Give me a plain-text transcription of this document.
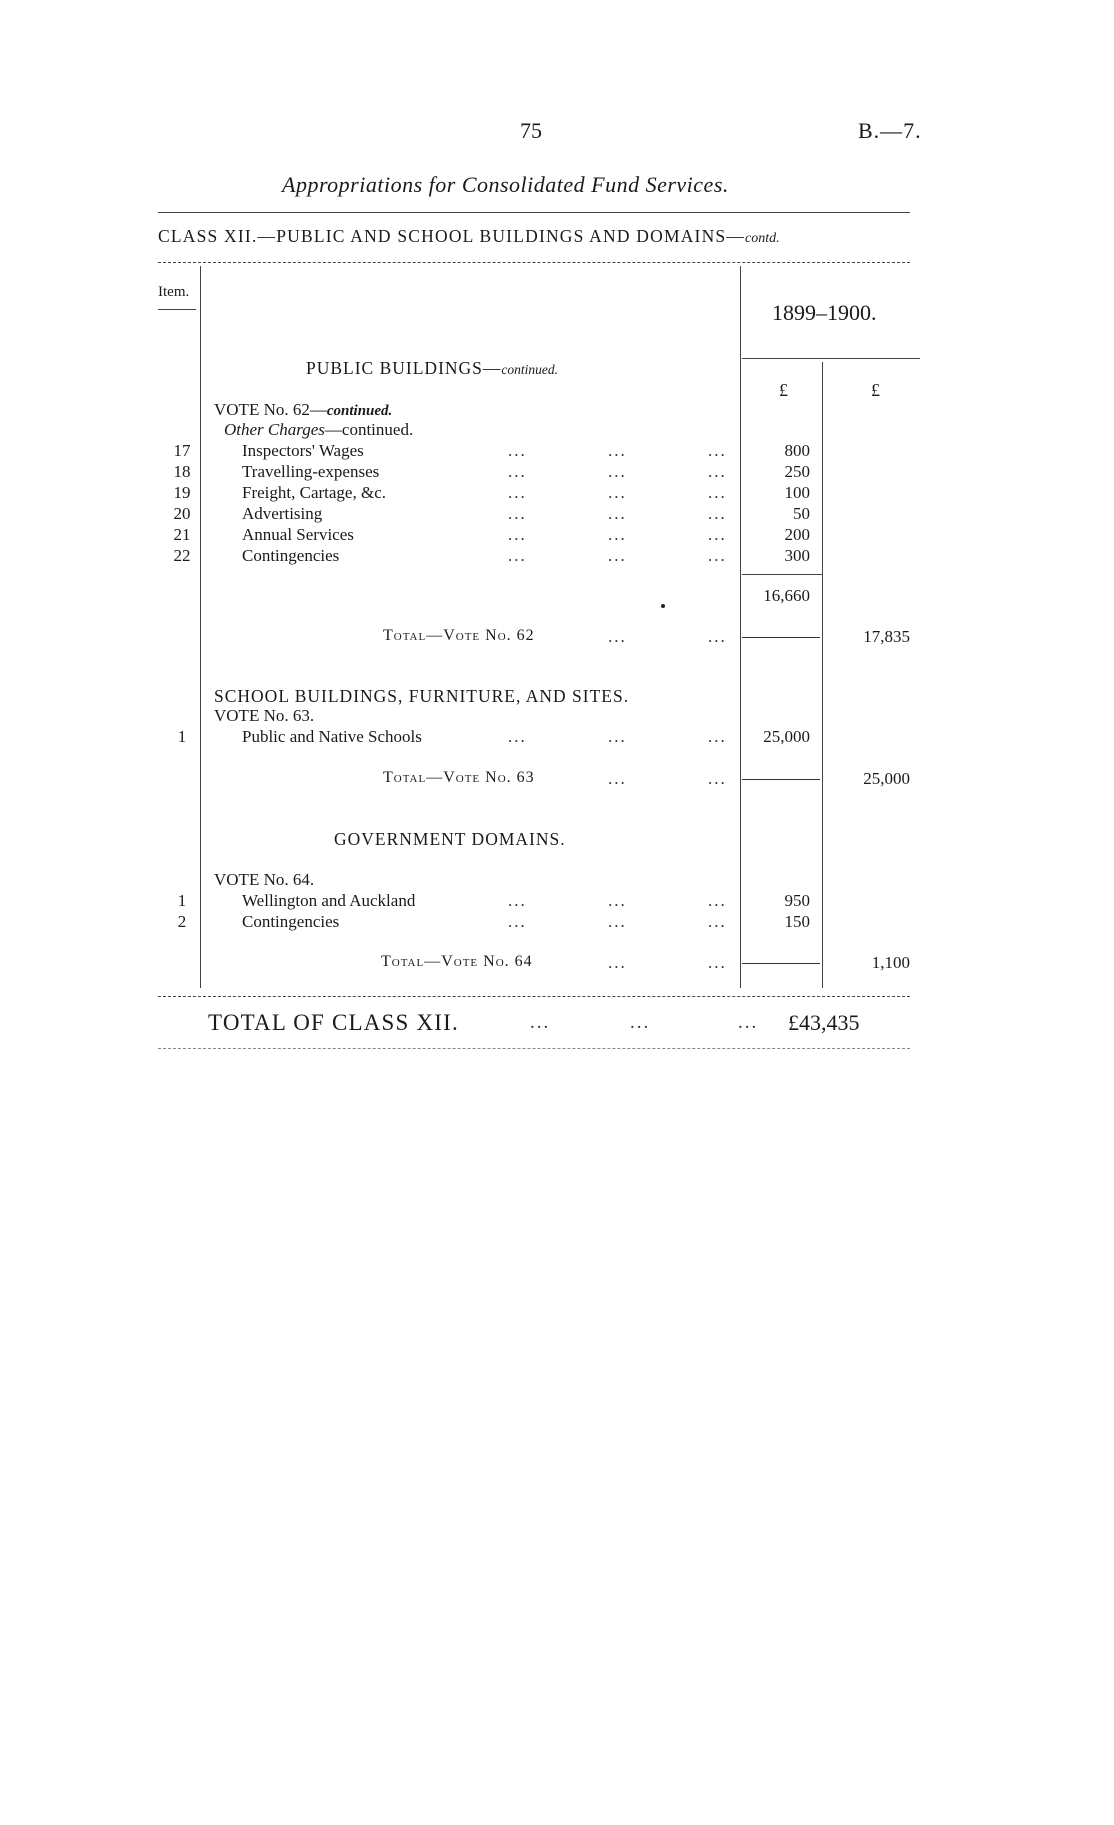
75	B.—7.
Appropriations for Consolidated Fund Services.
CLASS XII.—PUBLIC AND SCHOOL BUILDINGS AND DOMAINS—contd.
Item.
1899–1900.
£	£
PUBLIC BUILDINGS—continued.
VOTE No. 62—continued.
Other Charges—continued.
17	Inspectors' Wages	...	...	...	800
18	Travelling-expenses	...	...	...	250
19	Freight, Cartage, &c.	...	...	...	100
20	Advertising	...	...	...	50
21	Annual Services	...	...	...	200
22	Contingencies	...	...	...	300
16,660
Total—Vote No. 62	...	...	17,835
SCHOOL BUILDINGS, FURNITURE, AND SITES.
VOTE No. 63.
1	Public and Native Schools	...	...	...	25,000
Total—Vote No. 63	...	...	25,000
GOVERNMENT DOMAINS.
VOTE No. 64.
1	Wellington and Auckland	...	...	...	950
2	Contingencies	...	...	...	150
Total—Vote No. 64	...	...	1,100
TOTAL OF CLASS XII.	...	...	... £43,435
